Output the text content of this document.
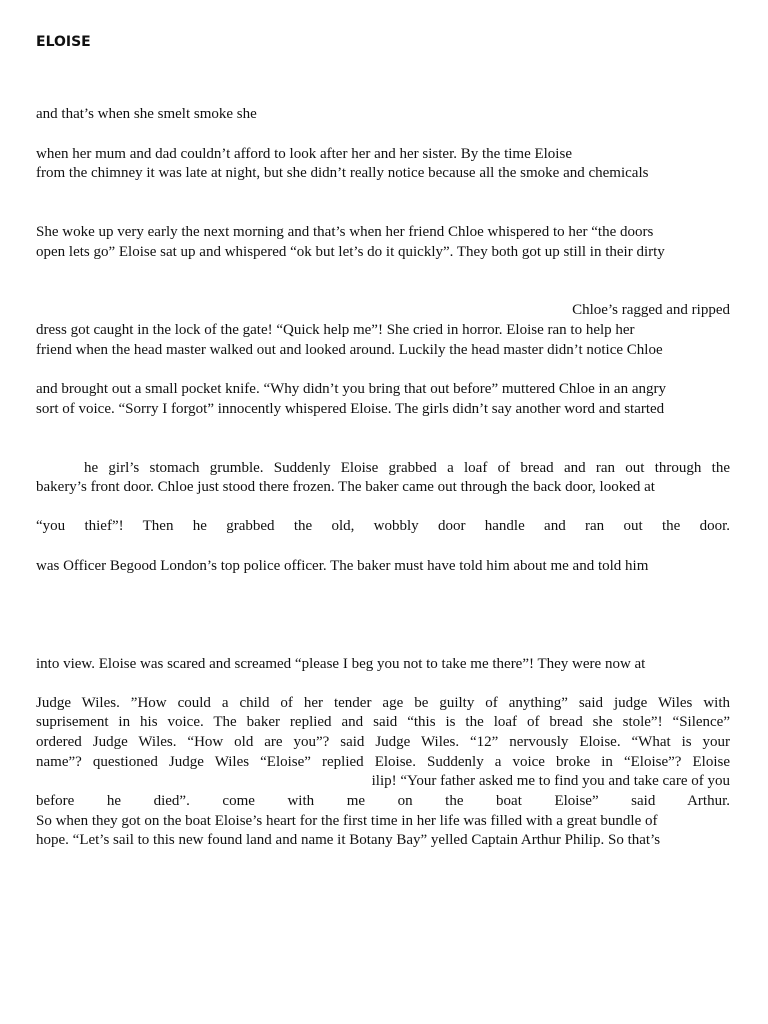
ELOISE
and that’s when she smelt smoke she
when her mum and dad couldn’t afford to look after her and her sister. By the time Eloise
from the chimney it was late at night, but she didn’t really notice because all the smoke and chemicals
She woke up very early the next morning and that’s when her friend Chloe whispered to her “the doors
open lets go” Eloise sat up and whispered “ok but let’s do it quickly”. They both got up still in their dirty
Chloe’s ragged and ripped
dress got caught in the lock of the gate! “Quick help me”! She cried in horror. Eloise ran to help her
friend when the head master walked out and looked around. Luckily the head master didn’t notice Chloe
and brought out a small pocket knife. “Why didn’t you bring that out before” muttered Chloe in an angry
sort of voice. “Sorry I forgot” innocently whispered Eloise. The girls didn’t say another word and started
he girl’s stomach grumble. Suddenly Eloise grabbed a loaf of bread and ran out through the
bakery’s front door. Chloe just stood there frozen. The baker came out through the back door, looked at
“you thief”! Then he grabbed the old, wobbly door handle and ran out the door.
was Officer Begood London’s top police officer. The baker must have told him about me and told him
into view. Eloise was scared and screamed “please I beg you not to take me there”! They were now at
Judge Wiles. ”How could a child of her tender age be guilty of anything” said judge Wiles with
suprisement in his voice. The baker replied and said “this is the loaf of bread she stole”! “Silence”
ordered Judge Wiles. “How old are you”? said Judge Wiles. “12” nervously Eloise. “What is your
name”? questioned Judge Wiles “Eloise” replied Eloise. Suddenly a voice broke in “Eloise”? Eloise
ilip! “Your father asked me to find you and take care of you
before he died”. come with me on the boat Eloise” said Arthur.
So when they got on the boat Eloise’s heart for the first time in her life was filled with a great bundle of
hope. “Let’s sail to this new found land and name it Botany Bay” yelled Captain Arthur Philip. So that’s
